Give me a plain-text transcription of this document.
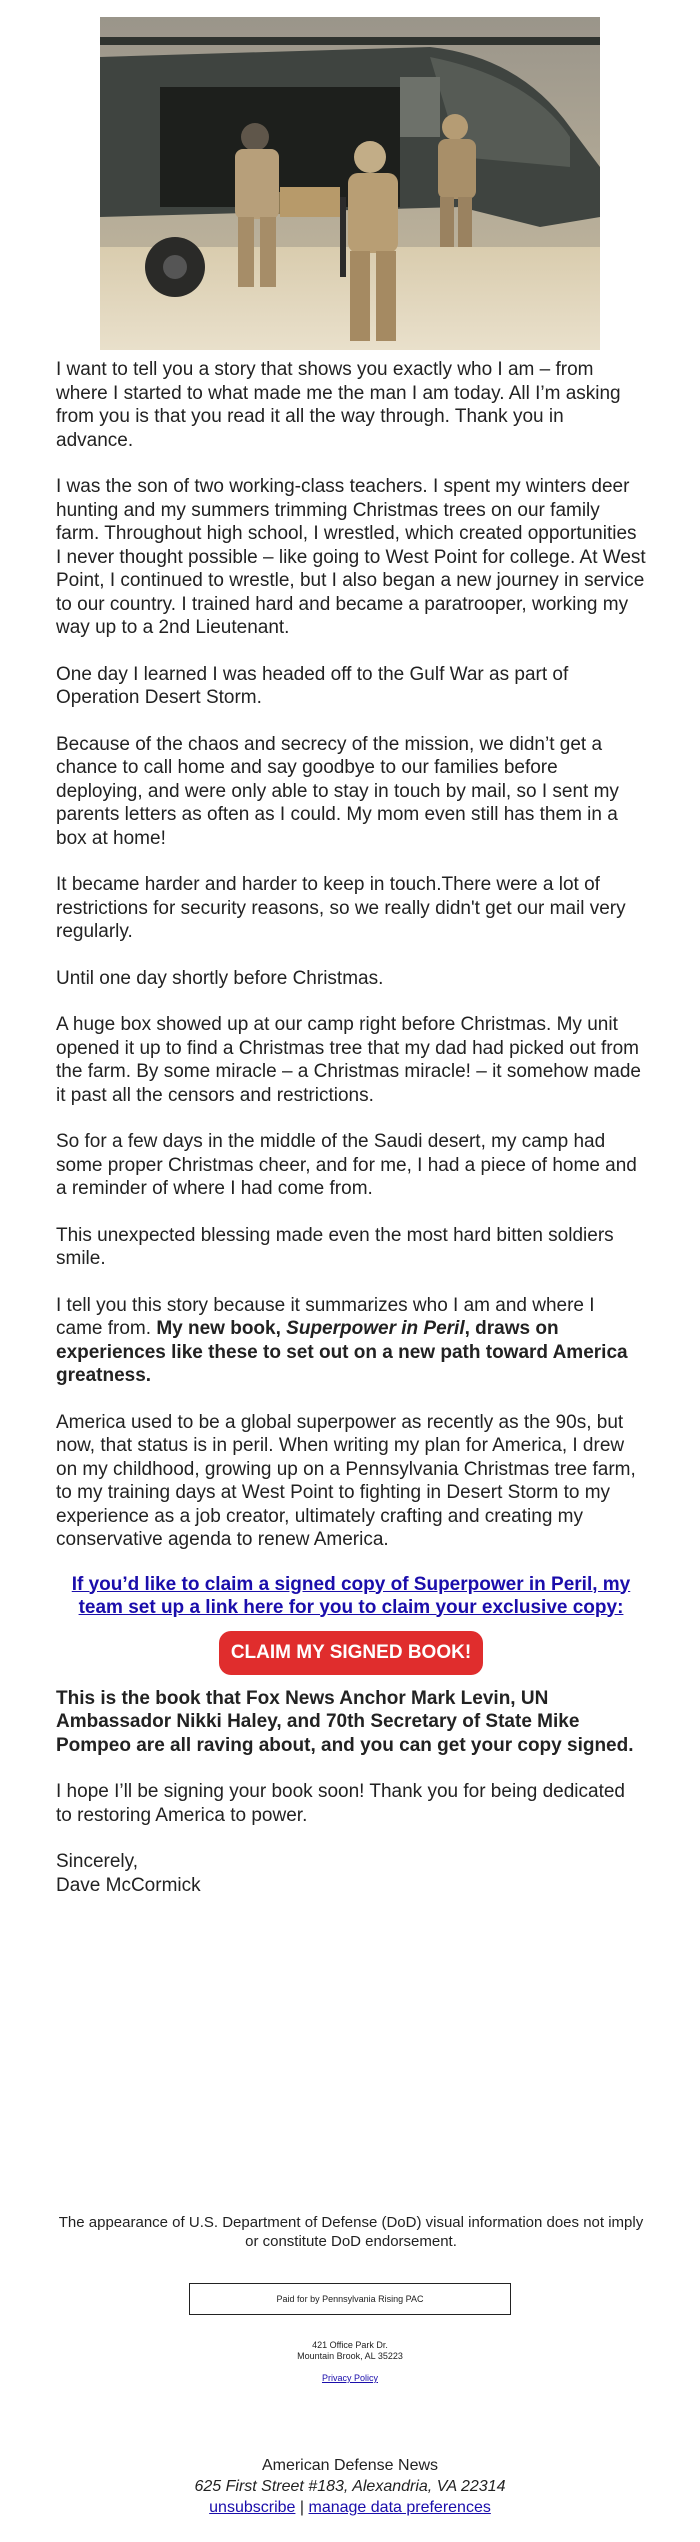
I want to tell you a story that shows you exactly who I am – from where I started to what made me the man I am today. All I’m asking from you is that you read it all the way through. Thank you in advance.

I was the son of two working-class teachers. I spent my winters deer hunting and my summers trimming Christmas trees on our family farm. Throughout high school, I wrestled, which created opportunities I never thought possible – like going to West Point for college. At West Point, I continued to wrestle, but I also began a new journey in service to our country. I trained hard and became a paratrooper, working my way up to a 2nd Lieutenant.

One day I learned I was headed off to the Gulf War as part of Operation Desert Storm.

Because of the chaos and secrecy of the mission, we didn’t get a chance to call home and say goodbye to our families before deploying, and were only able to stay in touch by mail, so I sent my parents letters as often as I could. My mom even still has them in a box at home!

It became harder and harder to keep in touch.There were a lot of restrictions for security reasons, so we really didn't get our mail very regularly.

Until one day shortly before Christmas.

A huge box showed up at our camp right before Christmas. My unit opened it up to find a Christmas tree that my dad had picked out from the farm. By some miracle – a Christmas miracle! – it somehow made it past all the censors and restrictions.

So for a few days in the middle of the Saudi desert, my camp had some proper Christmas cheer, and for me, I had a piece of home and a reminder of where I had come from.

This unexpected blessing made even the most hard bitten soldiers smile.

I tell you this story because it summarizes who I am and where I came from. My new book, Superpower in Peril, draws on experiences like these to set out on a new path toward America greatness.

America used to be a global superpower as recently as the 90s, but now, that status is in peril. When writing my plan for America, I drew on my childhood, growing up on a Pennsylvania Christmas tree farm, to my training days at West Point to fighting in Desert Storm to my experience as a job creator, ultimately crafting and creating my conservative agenda to renew America.

If you’d like to claim a signed copy of Superpower in Peril, my team set up a link here for you to claim your exclusive copy:
CLAIM MY SIGNED BOOK!

This is the book that Fox News Anchor Mark Levin, UN Ambassador Nikki Haley, and 70th Secretary of State Mike Pompeo are all raving about, and you can get your copy signed.

I hope I’ll be signing your book soon! Thank you for being dedicated to restoring America to power.

Sincerely,
Dave McCormick

The appearance of U.S. Department of Defense (DoD) visual information does not imply or constitute DoD endorsement.
Paid for by Pennsylvania Rising PAC
421 Office Park Dr.
Mountain Brook, AL 35223
Privacy Policy
American Defense News
625 First Street #183, Alexandria, VA 22314
unsubscribe | manage data preferences
